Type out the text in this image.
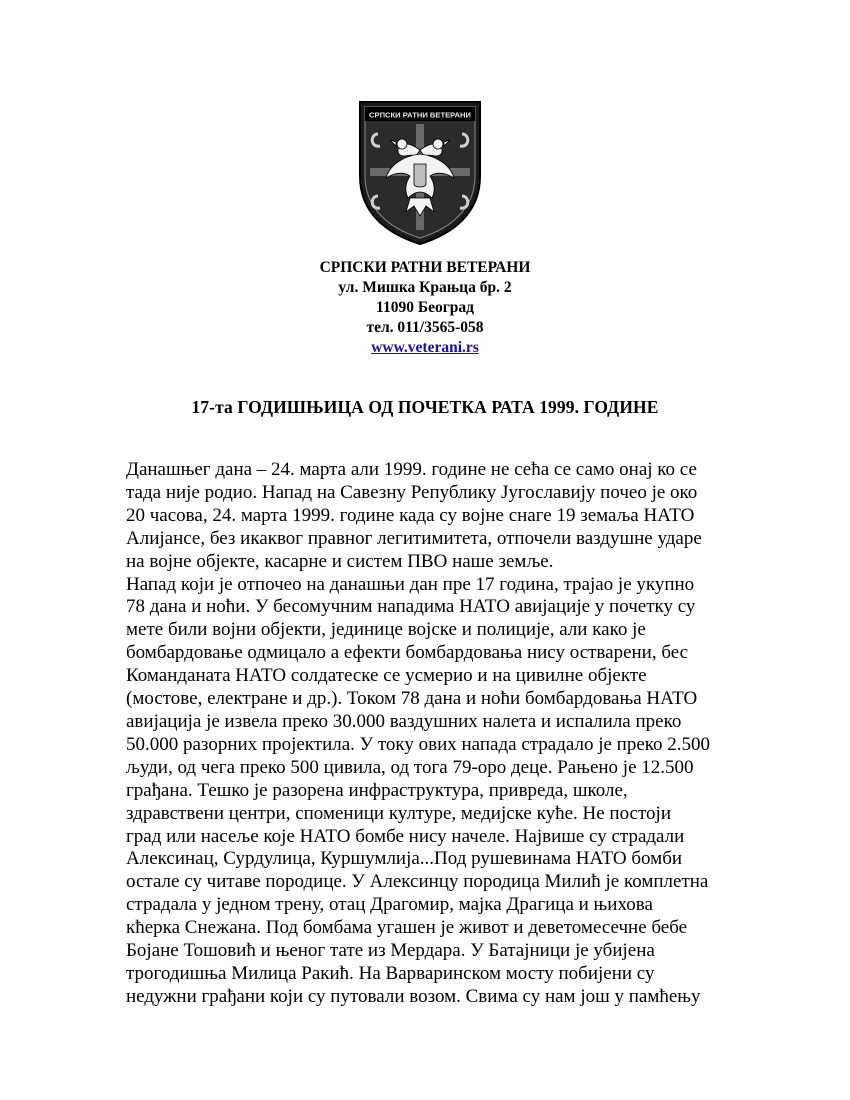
СРПСКИ РАТНИ ВЕТЕРАНИ
СРПСКИ РАТНИ ВЕТЕРАНИ
ул. Мишка Крањца бр. 2
11090 Београд
тел. 011/3565-058
www.veterani.rs
17-та ГОДИШЊИЦА ОД ПОЧЕТКА РАТА 1999. ГОДИНЕ
Данашњег дана – 24. марта али 1999. године не сећа се само онај ко се
тада није родио. Напад на Савезну Републику Југославију почео је око
20 часова, 24. марта 1999. године када су војне снаге 19 земаља НАТО
Алијансе, без икаквог правног легитимитета, отпочели ваздушне ударе
на војне објекте, касарне и систем ПВО наше земље.
Напад који је отпочео на данашњи дан пре 17 година, трајао је укупно
78 дана и ноћи. У бесомучним нападима НАТО авијације у почетку су
мете били војни објекти, јединице војске и полиције, али како је
бомбардовање одмицало а ефекти бомбардовања нису остварени, бес
Команданата НАТО солдатеске се усмерио и на цивилне објекте
(мостове, електране и др.). Током 78 дана и ноћи бомбардовања НАТО
авијација је извела преко 30.000 ваздушних налета и испалила преко
50.000 разорних пројектила. У току ових напада страдало је преко 2.500
људи, од чега преко 500 цивила, од тога 79-оро деце. Рањено је 12.500
грађана. Тешко је разорена инфраструктура, привреда, школе,
здравствени центри, споменици културе, медијске куће. Не постоји
град или насеље које НАТО бомбе нису начеле. Највише су страдали
Алексинац, Сурдулица, Куршумлија...Под рушевинама НАТО бомби
остале су читаве породице. У Алексинцу породица Милић је комплетна
страдала у једном трену, отац Драгомир, мајка Драгица и њихова
кћерка Снежана. Под бомбама угашен је живот и деветомесечне бебе
Бојане Тошовић и њеног тате из Мердара. У Батајници је убијена
трогодишња Милица Ракић. На Варваринском мосту побијени су
недужни грађани који су путовали возом. Свима су нам још у памћењу
